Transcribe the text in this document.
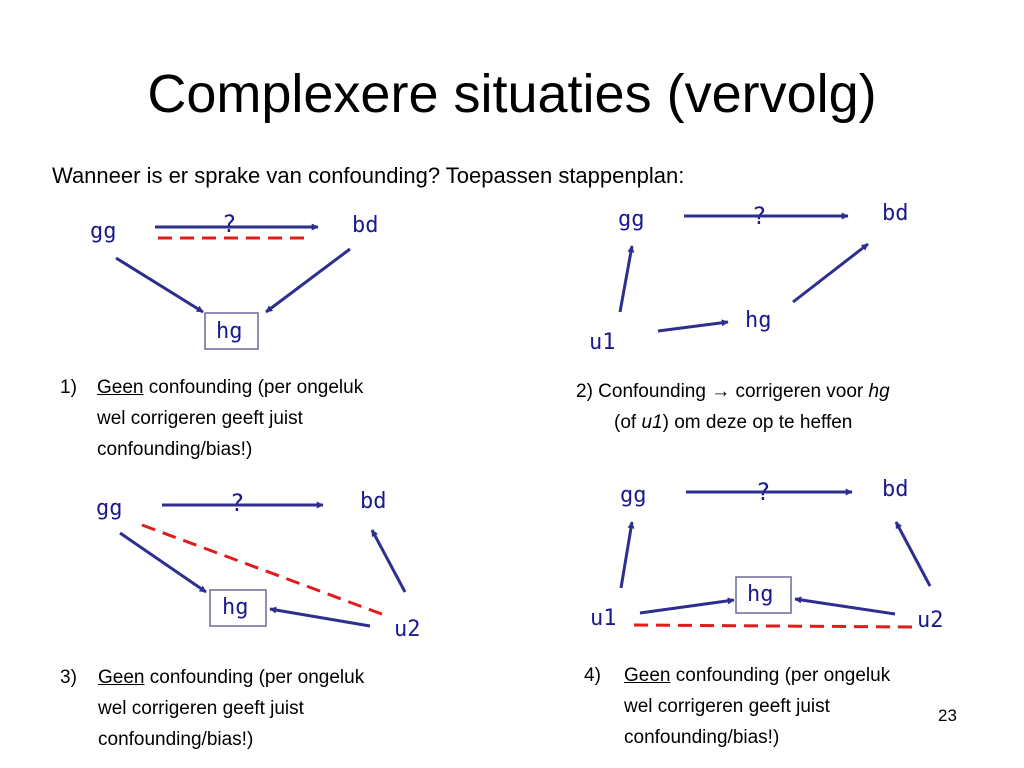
Complexere situaties (vervolg)
Wanneer is er sprake van confounding? Toepassen stappenplan:
gg	bd
?
hg
gg	bd
?
hg
u1
gg	bd
?
hg
u2
gg	bd
?
hg
u1	u2
1) Geen confounding (per ongeluk
wel corrigeren geeft juist
confounding/bias!)
2) Confounding → corrigeren voor hg
(of u1) om deze op te heffen
3) Geen confounding (per ongeluk
wel corrigeren geeft juist
confounding/bias!)
4) Geen confounding (per ongeluk
wel corrigeren geeft juist
confounding/bias!)
23
